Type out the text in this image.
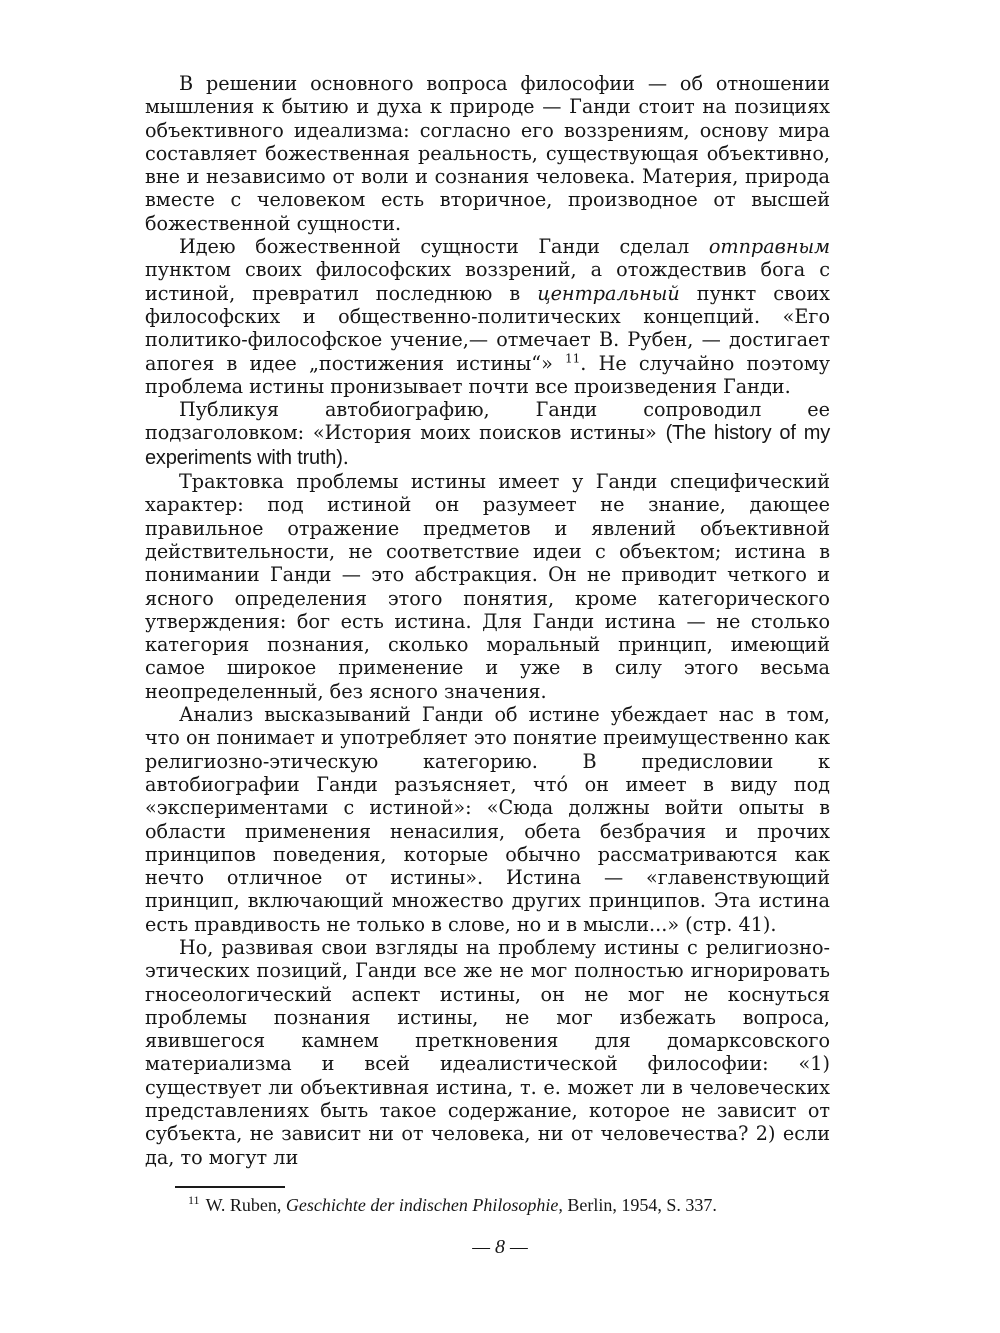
В решении основного вопроса философии — об отношении мышления к бытию и духа к природе — Ганди стоит на позициях объективного идеализма: согласно его воззрениям, основу мира составляет божественная реальность, существующая объективно, вне и независимо от воли и сознания человека. Материя, природа вместе с человеком есть вторичное, производное от высшей божественной сущности.

Идею божественной сущности Ганди сделал отправным пунктом своих философских воззрений, а отождествив бога с истиной, превратил последнюю в центральный пункт своих философских и общественно-политических концепций. «Его политико-философское учение,— отмечает В. Рубен, — достигает апогея в идее „постижения истины“» $^{11}$. Не случайно поэтому проблема истины пронизывает почти все произведения Ганди.

Публикуя автобиографию, Ганди сопроводил ее подзаголовком: «История моих поисков истины» (The history of my experiments with truth).

Трактовка проблемы истины имеет у Ганди специфический характер: под истиной он разумеет не знание, дающее правильное отражение предметов и явлений объективной действительности, не соответствие идеи с объектом; истина в понимании Ганди — это абстракция. Он не приводит четкого и ясного определения этого понятия, кроме категорического утверждения: бог есть истина. Для Ганди истина — не столько категория познания, сколько моральный принцип, имеющий самое широкое применение и уже в силу этого весьма неопределенный, без ясного значения.

Анализ высказываний Ганди об истине убеждает нас в том, что он понимает и употребляет это понятие преимущественно как религиозно-этическую категорию. В предисловии к автобиографии Ганди разъясняет, что́ он имеет в виду под «экспериментами с истиной»: «Сюда должны войти опыты в области применения ненасилия, обета безбрачия и прочих принципов поведения, которые обычно рассматриваются как нечто отличное от истины». Истина — «главенствующий принцип, включающий множество других принципов. Эта истина есть правдивость не только в слове, но и в мысли...» (стр. 41).

Но, развивая свои взгляды на проблему истины с религиозно-этических позиций, Ганди все же не мог полностью игнорировать гносеологический аспект истины, он не мог не коснуться проблемы познания истины, не мог избежать вопроса, явившегося камнем преткновения для домарксовского материализма и всей идеалистической философии: «1) существует ли объективная истина, т. е. может ли в человеческих представлениях быть такое содержание, которое не зависит от субъекта, не зависит ни от человека, ни от человечества? 2) если да, то могут ли

$^{11}$ W. Ruben, Geschichte der indischen Philosophie, Berlin, 1954, S. 337.
— 8 —
